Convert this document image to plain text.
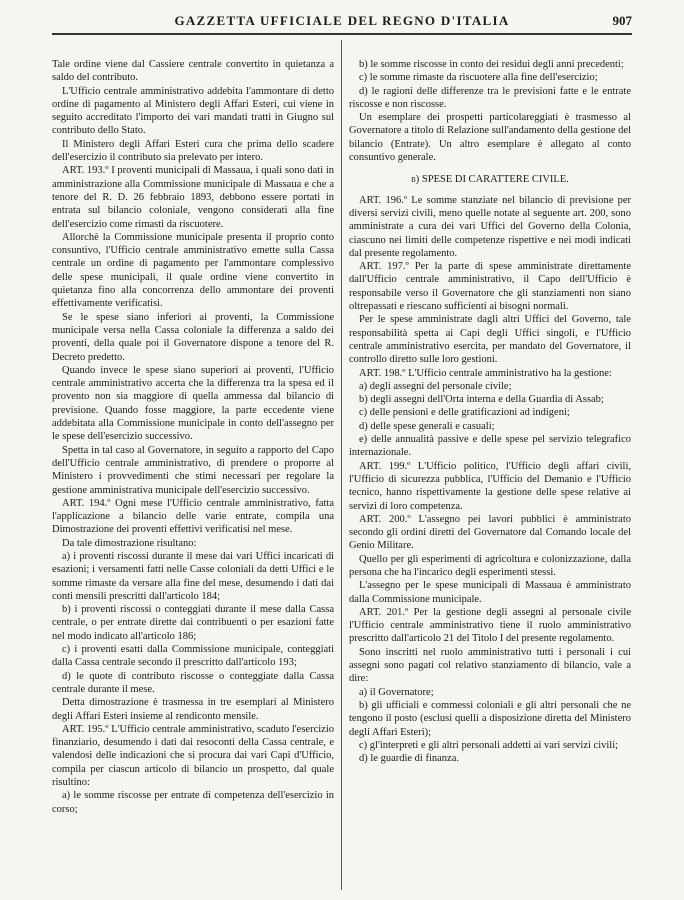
GAZZETTA UFFICIALE DEL REGNO D'ITALIA	907

Tale ordine viene dal Cassiere centrale convertito in quietanza a saldo del contributo.

L'Ufficio centrale amministrativo addebita l'ammontare di detto ordine di pagamento al Ministero degli Affari Esteri, cui viene in seguito accreditato l'importo dei vari mandati tratti in Giugno sul contributo dello Stato.

Il Ministero degli Affari Esteri cura che prima dello scadere dell'esercizio il contributo sia prelevato per intero.

ART. 193.º I proventi municipali di Massaua, i quali sono dati in amministrazione alla Commissione municipale di Massaua e che a tenore del R. D. 26 febbraio 1893, debbono essere portati in entrata sul bilancio coloniale, vengono considerati alla fine dell'esercizio come rimasti da riscuotere.

Allorchè la Commissione municipale presenta il proprio conto consuntivo, l'Ufficio centrale amministrativo emette sulla Cassa centrale un ordine di pagamento per l'ammontare complessivo delle spese municipali, il quale ordine viene convertito in quietanza fino alla concorrenza dello ammontare dei proventi effettivamente verificatisi.

Se le spese siano inferiori ai proventi, la Commissione municipale versa nella Cassa coloniale la differenza a saldo dei proventi, della quale poi il Governatore dispone a tenore del R. Decreto predetto.

Quando invece le spese siano superiori ai proventi, l'Ufficio centrale amministrativo accerta che la differenza tra la spesa ed il provento non sia maggiore di quella ammessa dal bilancio di previsione. Quando fosse maggiore, la parte eccedente viene addebitata alla Commissione municipale in conto dell'assegno per le spese dell'esercizio successivo.

Spetta in tal caso al Governatore, in seguito a rapporto del Capo dell'Ufficio centrale amministrativo, di prendere o proporre al Ministero i provvedimenti che stimi necessari per regolare la gestione amministrativa municipale dell'esercizio successivo.

ART. 194.º Ogni mese l'Ufficio centrale amministrativo, fatta l'applicazione a bilancio delle varie entrate, compila una Dimostrazione dei proventi effettivi verificatisi nel mese.

Da tale dimostrazione risultano:

a) i proventi riscossi durante il mese dai vari Uffici incaricati di esazioni; i versamenti fatti nelle Casse coloniali da detti Uffici e le somme rimaste da versare alla fine del mese, desumendo i dati dai conti mensili prescritti dall'articolo 184;

b) i proventi riscossi o conteggiati durante il mese dalla Cassa centrale, o per entrate dirette dai contribuenti o per esazioni fatte nel modo indicato all'articolo 186;

c) i proventi esatti dalla Commissione municipale, conteggiati dalla Cassa centrale secondo il prescritto dall'articolo 193;

d) le quote di contributo riscosse o conteggiate dalla Cassa centrale durante il mese.

Detta dimostrazione è trasmessa in tre esemplari al Ministero degli Affari Esteri insieme al rendiconto mensile.

ART. 195.º L'Ufficio centrale amministrativo, scaduto l'esercizio finanziario, desumendo i dati dai resoconti della Cassa centrale, e valendosi delle indicazioni che si procura dai vari Capi d'Ufficio, compila per ciascun articolo di bilancio un prospetto, dal quale risultino:

a) le somme riscosse per entrate di competenza dell'esercizio in corso;

b) le somme riscosse in conto dei residui degli anni precedenti;

c) le somme rimaste da riscuotere alla fine dell'esercizio;

d) le ragioni delle differenze tra le previsioni fatte e le entrate riscosse e non riscosse.

Un esemplare dei prospetti particolareggiati è trasmesso al Governatore a titolo di Relazione sull'andamento della gestione del bilancio (Entrate). Un altro esemplare è allegato al conto consuntivo generale.

b) SPESE DI CARATTERE CIVILE.

ART. 196.º Le somme stanziate nel bilancio di previsione per diversi servizi civili, meno quelle notate al seguente art. 200, sono amministrate a cura dei vari Uffici del Governo della Colonia, ciascuno nei limiti delle competenze rispettive e nei modi indicati dal presente regolamento.

ART. 197.º Per la parte di spese amministrate direttamente dall'Ufficio centrale amministrativo, il Capo dell'Ufficio è responsabile verso il Governatore che gli stanziamenti non siano oltrepassati e riescano sufficienti ai bisogni normali.

Per le spese amministrate dagli altri Uffici del Governo, tale responsabilità spetta ai Capi degli Uffici singoli, e l'Ufficio centrale amministrativo esercita, per mandato del Governatore, il controllo diretto sulle loro gestioni.

ART. 198.º L'Ufficio centrale amministrativo ha la gestione:

a) degli assegni del personale civile;

b) degli assegni dell'Orta interna e della Guardia di Assab;

c) delle pensioni e delle gratificazioni ad indigeni;

d) delle spese generali e casuali;

e) delle annualità passive e delle spese pel servizio telegrafico internazionale.

ART. 199.º L'Ufficio politico, l'Ufficio degli affari civili, l'Ufficio di sicurezza pubblica, l'Ufficio del Demanio e l'Ufficio tecnico, hanno rispettivamente la gestione delle spese relative ai servizi di loro competenza.

ART. 200.º L'assegno pei lavori pubblici è amministrato secondo gli ordini diretti del Governatore dal Comando locale del Genio Militare.

Quello per gli esperimenti di agricoltura e colonizzazione, dalla persona che ha l'incarico degli esperimenti stessi.

L'assegno per le spese municipali di Massaua è amministrato dalla Commissione municipale.

ART. 201.º Per la gestione degli assegni al personale civile l'Ufficio centrale amministrativo tiene il ruolo amministrativo prescritto dall'articolo 21 del Titolo I del presente regolamento.

Sono inscritti nel ruolo amministrativo tutti i personali i cui assegni sono pagati col relativo stanziamento di bilancio, vale a dire:

a) il Governatore;

b) gli ufficiali e commessi coloniali e gli altri personali che ne tengono il posto (esclusi quelli a disposizione diretta del Ministero degli Affari Esteri);

c) gl'interpreti e gli altri personali addetti ai vari servizi civili;

d) le guardie di finanza.
